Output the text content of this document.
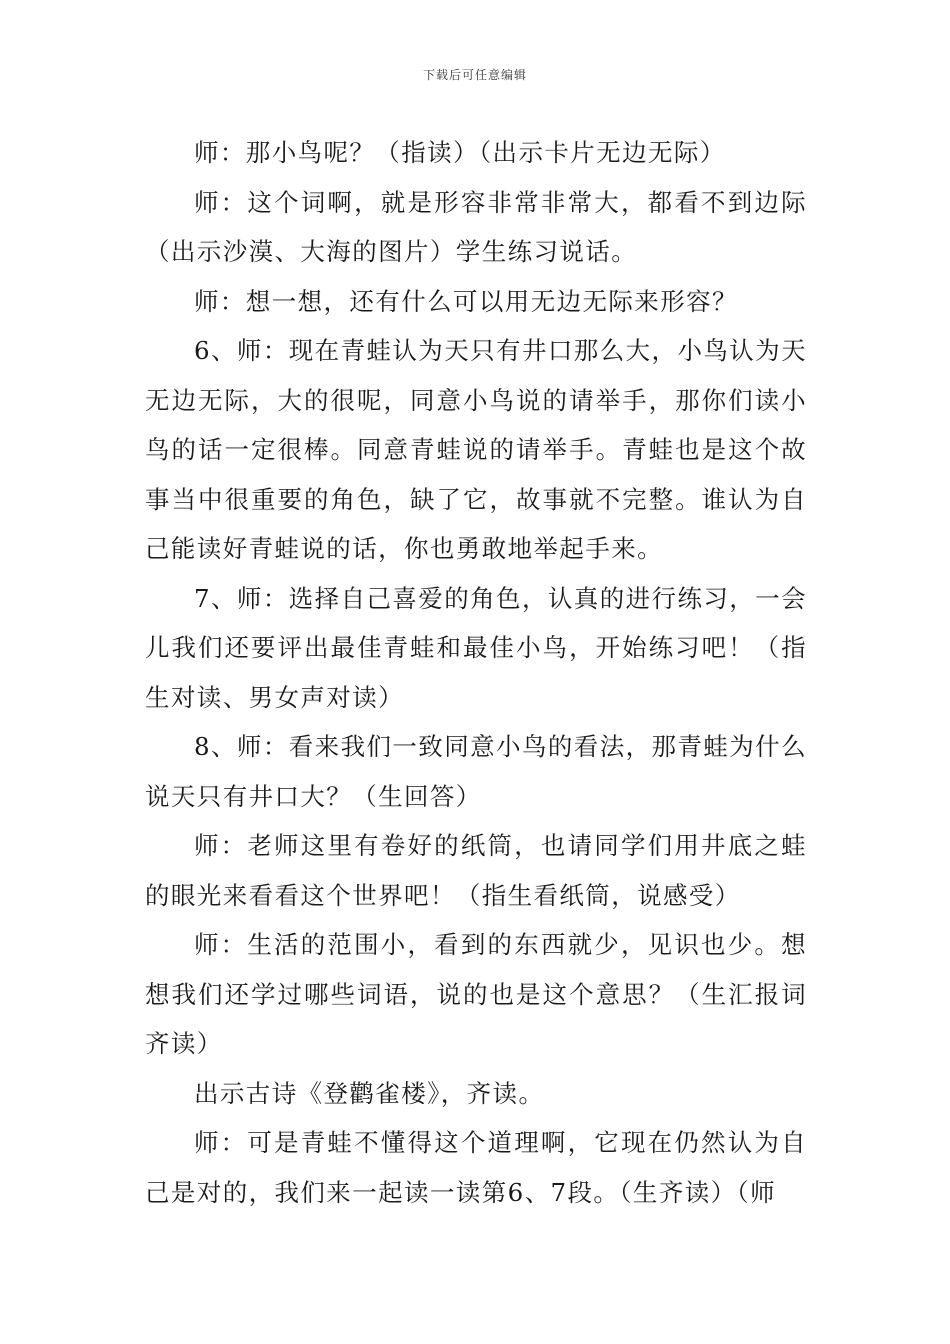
下载后可任意编辑

师：那小鸟呢？（指读）（出示卡片无边无际）

师：这个词啊，就是形容非常非常大，都看不到边际（出示沙漠、大海的图片）学生练习说话。

师：想一想，还有什么可以用无边无际来形容？

6、师：现在青蛙认为天只有井口那么大，小鸟认为天无边无际，大的很呢，同意小鸟说的请举手，那你们读小鸟的话一定很棒。同意青蛙说的请举手。青蛙也是这个故事当中很重要的角色，缺了它，故事就不完整。谁认为自己能读好青蛙说的话，你也勇敢地举起手来。

7、师：选择自己喜爱的角色，认真的进行练习，一会儿我们还要评出最佳青蛙和最佳小鸟，开始练习吧！（指生对读、男女声对读）

8、师：看来我们一致同意小鸟的看法，那青蛙为什么说天只有井口大？（生回答）

师：老师这里有卷好的纸筒，也请同学们用井底之蛙的眼光来看看这个世界吧！（指生看纸筒，说感受）

师：生活的范围小，看到的东西就少，见识也少。想想我们还学过哪些词语，说的也是这个意思？（生汇报词齐读）

出示古诗《登鹳雀楼》，齐读。

师：可是青蛙不懂得这个道理啊，它现在仍然认为自己是对的，我们来一起读一读第6、7段。（生齐读）（师
